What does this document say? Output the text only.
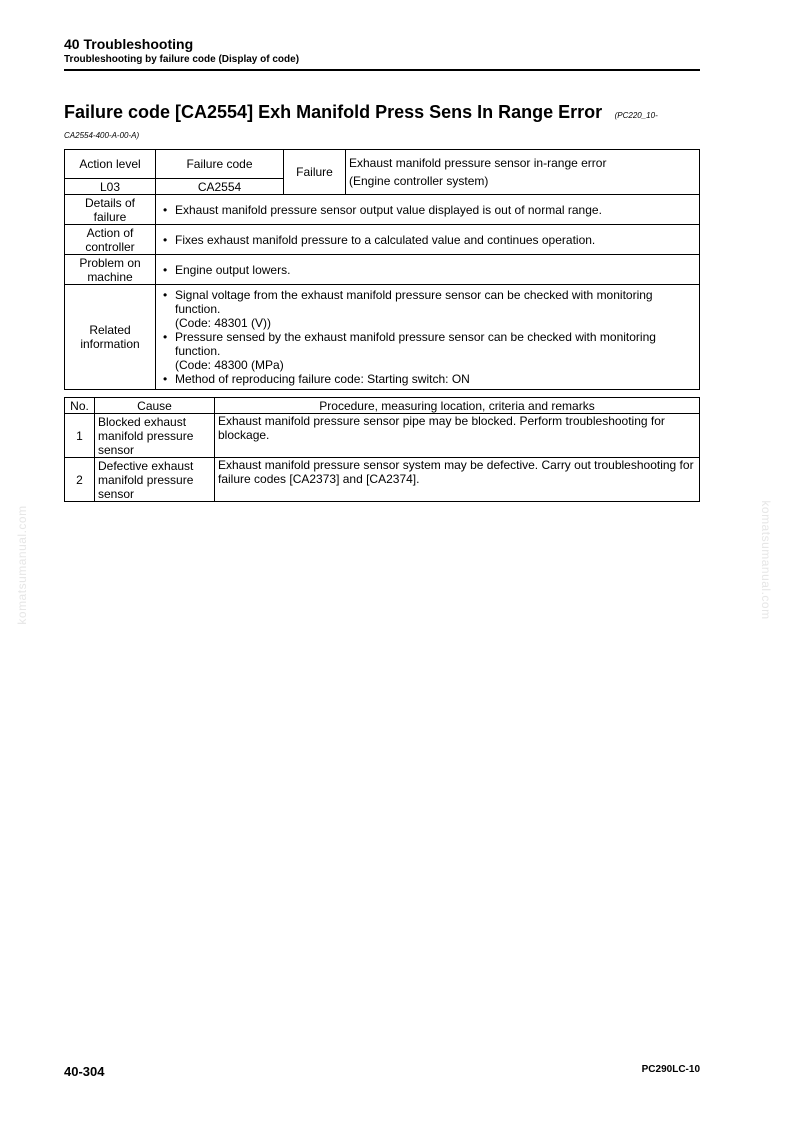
40 Troubleshooting
Troubleshooting by failure code (Display of code)
Failure code [CA2554] Exh Manifold Press Sens In Range Error (PC220_10-
CA2554-400-A-00-A)
Action level	Failure code	Failure	Exhaust manifold pressure sensor in-range error
(Engine controller system)

L03	CA2554		
Details of failure	• Exhaust manifold pressure sensor output value displayed is out of normal range.

Action of controller	• Fixes exhaust manifold pressure to a calculated value and continues operation.

Problem on machine	• Engine output lowers.

Related information	• Signal voltage from the exhaust manifold pressure sensor can be checked with monitoring function.
(Code: 48301 (V))
• Pressure sensed by the exhaust manifold pressure sensor can be checked with monitoring function.
(Code: 48300 (MPa)
• Method of reproducing failure code: Starting switch: ON
No.	Cause	Procedure, measuring location, criteria and remarks
1	Blocked exhaust manifold pressure sensor	Exhaust manifold pressure sensor pipe may be blocked. Perform troubleshooting for blockage.
2	Defective exhaust manifold pressure sensor	Exhaust manifold pressure sensor system may be defective. Carry out troubleshooting for failure codes [CA2373] and [CA2374].
komatsumanual.com	komatsumanual.com
40-304	PC290LC-10
